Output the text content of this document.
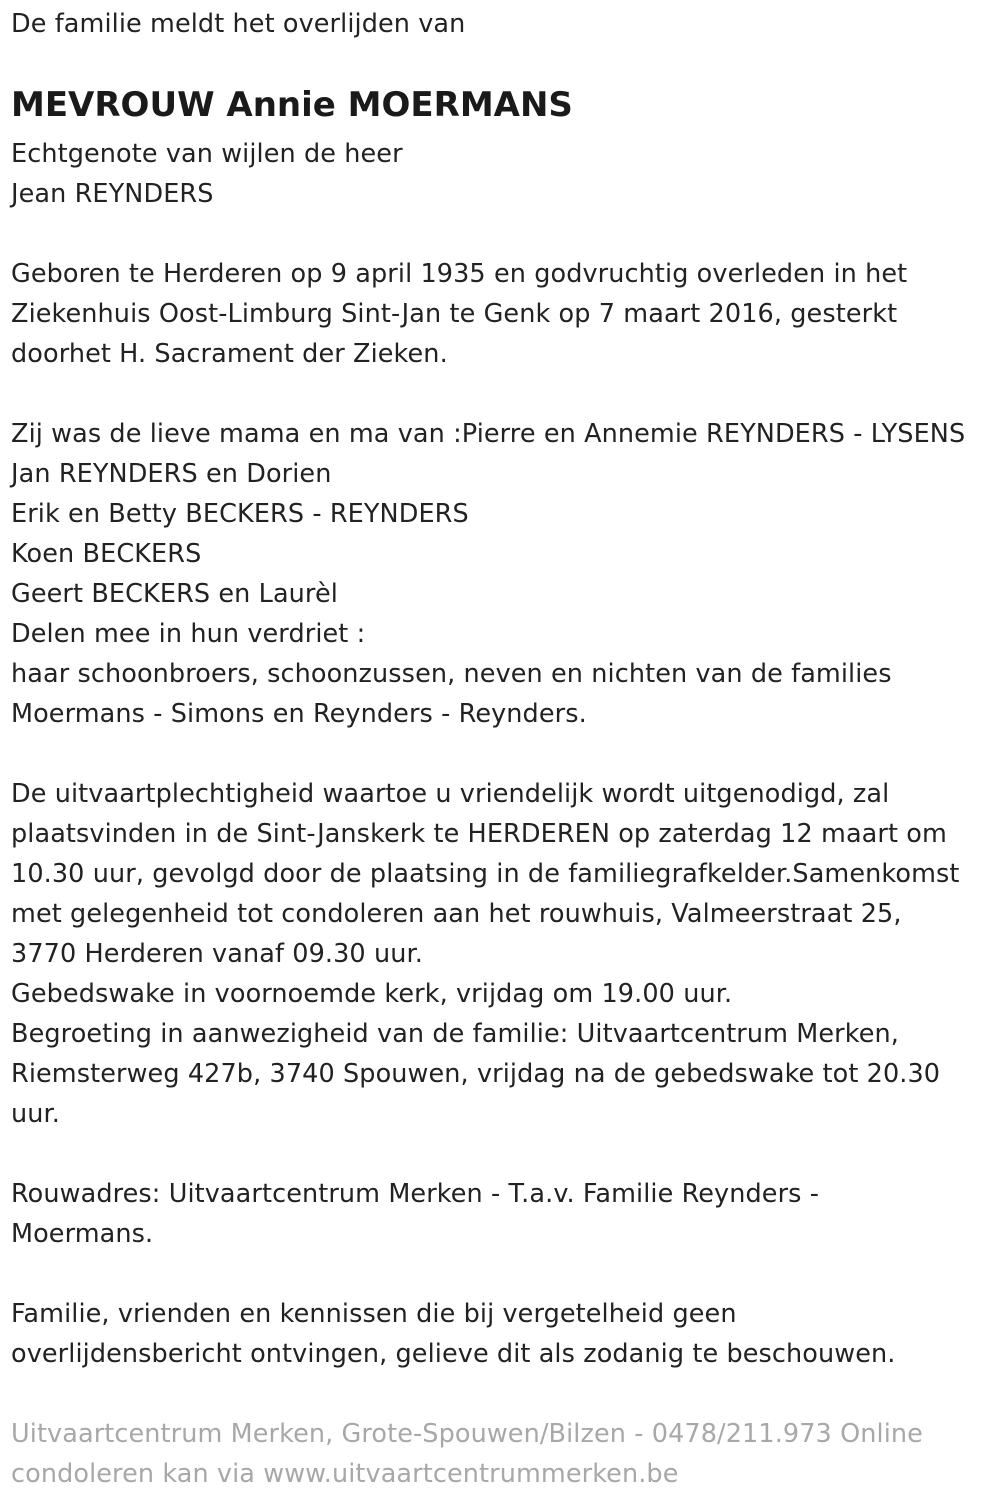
De familie meldt het overlijden van
MEVROUW Annie MOERMANS
Echtgenote van wijlen de heer
Jean REYNDERS
Geboren te Herderen op 9 april 1935 en godvruchtig overleden in het
Ziekenhuis Oost-Limburg Sint-Jan te Genk op 7 maart 2016, gesterkt
doorhet H. Sacrament der Zieken.
Zij was de lieve mama en ma van :Pierre en Annemie REYNDERS - LYSENS
Jan REYNDERS en Dorien
Erik en Betty BECKERS - REYNDERS
Koen BECKERS
Geert BECKERS en Laurèl
Delen mee in hun verdriet :
haar schoonbroers, schoonzussen, neven en nichten van de families
Moermans - Simons en Reynders - Reynders.
De uitvaartplechtigheid waartoe u vriendelijk wordt uitgenodigd, zal
plaatsvinden in de Sint-Janskerk te HERDEREN op zaterdag 12 maart om
10.30 uur, gevolgd door de plaatsing in de familiegrafkelder.Samenkomst
met gelegenheid tot condoleren aan het rouwhuis, Valmeerstraat 25,
3770 Herderen vanaf 09.30 uur.
Gebedswake in voornoemde kerk, vrijdag om 19.00 uur.
Begroeting in aanwezigheid van de familie: Uitvaartcentrum Merken,
Riemsterweg 427b, 3740 Spouwen, vrijdag na de gebedswake tot 20.30
uur.
Rouwadres: Uitvaartcentrum Merken - T.a.v. Familie Reynders -
Moermans.
Familie, vrienden en kennissen die bij vergetelheid geen
overlijdensbericht ontvingen, gelieve dit als zodanig te beschouwen.
Uitvaartcentrum Merken, Grote-Spouwen/Bilzen - 0478/211.973 Online
condoleren kan via www.uitvaartcentrummerken.be
